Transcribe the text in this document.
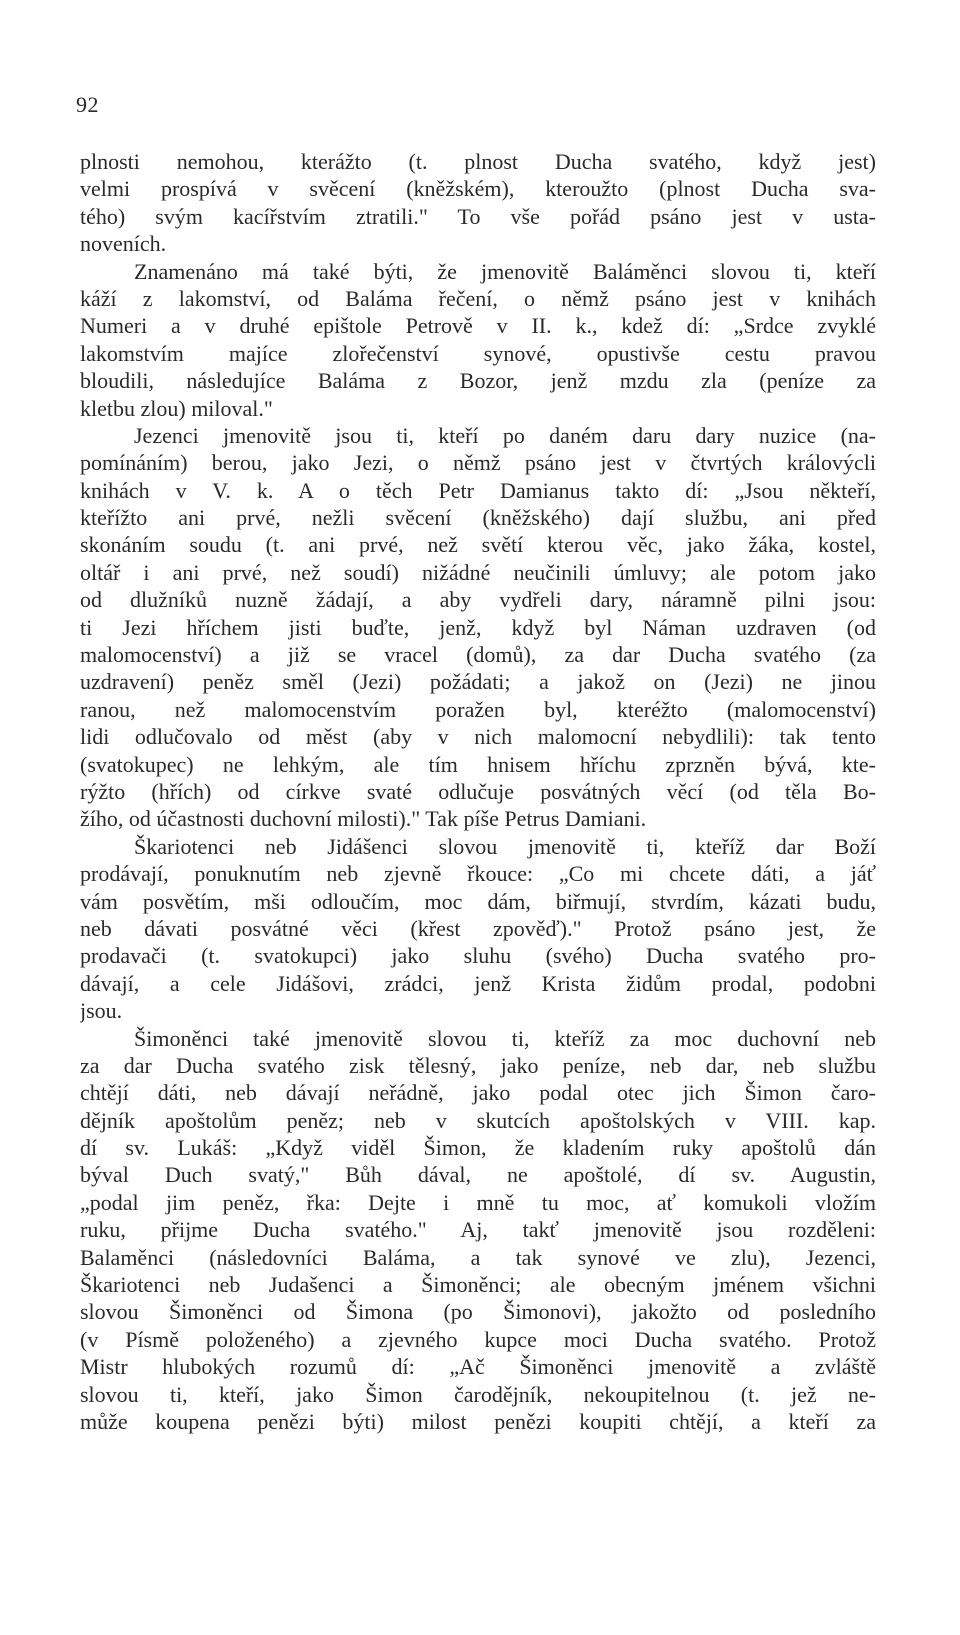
92
plnosti nemohou, kterážto (t. plnost Ducha svatého, když jest)
velmi prospívá v svěcení (kněžském), kteroužto (plnost Ducha sva-
tého) svým kacířstvím ztratili." To vše pořád psáno jest v usta-
noveních.
Znamenáno má také býti, že jmenovitě Baláměnci slovou ti, kteří
káží z lakomství, od Baláma řečení, o němž psáno jest v knihách
Numeri a v druhé epištole Petrově v II. k., kdež dí: „Srdce zvyklé
lakomstvím majíce zlořečenství synové, opustivše cestu pravou
bloudili, následujíce Baláma z Bozor, jenž mzdu zla (peníze za
kletbu zlou) miloval."
Jezenci jmenovitě jsou ti, kteří po daném daru dary nuzice (na-
pomínáním) berou, jako Jezi, o němž psáno jest v čtvrtých královýcli
knihách v V. k. A o těch Petr Damianus takto dí: „Jsou někteří,
kteřížto ani prvé, nežli svěcení (kněžského) dají službu, ani před
skonáním soudu (t. ani prvé, než světí kterou věc, jako žáka, kostel,
oltář i ani prvé, než soudí) nižádné neučinili úmluvy; ale potom jako
od dlužníků nuzně žádají, a aby vydřeli dary, náramně pilni jsou:
ti Jezi hříchem jisti buďte, jenž, když byl Náman uzdraven (od
malomocenství) a již se vracel (domů), za dar Ducha svatého (za
uzdravení) peněz směl (Jezi) požádati; a jakož on (Jezi) ne jinou
ranou, než malomocenstvím poražen byl, kteréžto (malomocenství)
lidi odlučovalo od měst (aby v nich malomocní nebydlili): tak tento
(svatokupec) ne lehkým, ale tím hnisem hříchu zprzněn bývá, kte-
rýžto (hřích) od církve svaté odlučuje posvátných věcí (od těla Bo-
žího, od účastnosti duchovní milosti)." Tak píše Petrus Damiani.
Škariotenci neb Jidášenci slovou jmenovitě ti, kteříž dar Boží
prodávají, ponuknutím neb zjevně řkouce: „Co mi chcete dáti, a jáť
vám posvětím, mši odloučím, moc dám, biřmují, stvrdím, kázati budu,
neb dávati posvátné věci (křest zpověď)." Protož psáno jest, že
prodavači (t. svatokupci) jako sluhu (svého) Ducha svatého pro-
dávají, a cele Jidášovi, zrádci, jenž Krista židům prodal, podobni
jsou.
Šimoněnci také jmenovitě slovou ti, kteříž za moc duchovní neb
za dar Ducha svatého zisk tělesný, jako peníze, neb dar, neb službu
chtějí dáti, neb dávají neřádně, jako podal otec jich Šimon čaro-
dějník apoštolům peněz; neb v skutcích apoštolských v VIII. kap.
dí sv. Lukáš: „Když viděl Šimon, že kladením ruky apoštolů dán
býval Duch svatý," Bůh dával, ne apoštolé, dí sv. Augustin,
„podal jim peněz, řka: Dejte i mně tu moc, ať komukoli vložím
ruku, přijme Ducha svatého." Aj, takť jmenovitě jsou rozděleni:
Balaměnci (následovníci Baláma, a tak synové ve zlu), Jezenci,
Škariotenci neb Judašenci a Šimoněnci; ale obecným jménem všichni
slovou Šimoněnci od Šimona (po Šimonovi), jakožto od posledního
(v Písmě položeného) a zjevného kupce moci Ducha svatého. Protož
Mistr hlubokých rozumů dí: „Ač Šimoněnci jmenovitě a zvláště
slovou ti, kteří, jako Šimon čarodějník, nekoupitelnou (t. jež ne-
může koupena penězi býti) milost penězi koupiti chtějí, a kteří za
